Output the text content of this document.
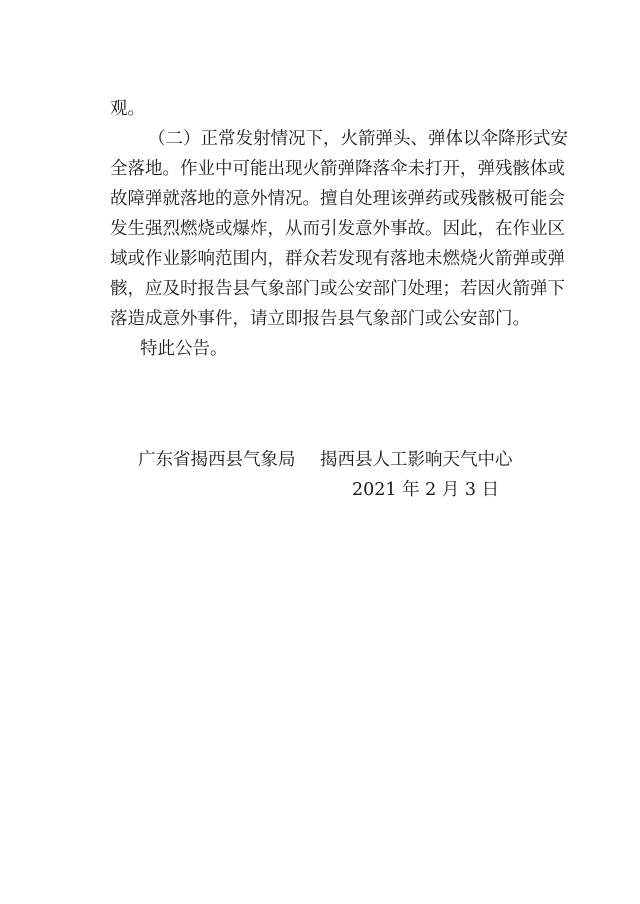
观。
（二）正常发射情况下，火箭弹头、弹体以伞降形式安
全落地。作业中可能出现火箭弹降落伞未打开，弹残骸体或
故障弹就落地的意外情况。擅自处理该弹药或残骸极可能会
发生强烈燃烧或爆炸，从而引发意外事故。因此，在作业区
域或作业影响范围内，群众若发现有落地未燃烧火箭弹或弹
骸，应及时报告县气象部门或公安部门处理；若因火箭弹下
落造成意外事件，请立即报告县气象部门或公安部门。
特此公告。
广东省揭西县气象局 揭西县人工影响天气中心
2021 年 2 月 3 日
